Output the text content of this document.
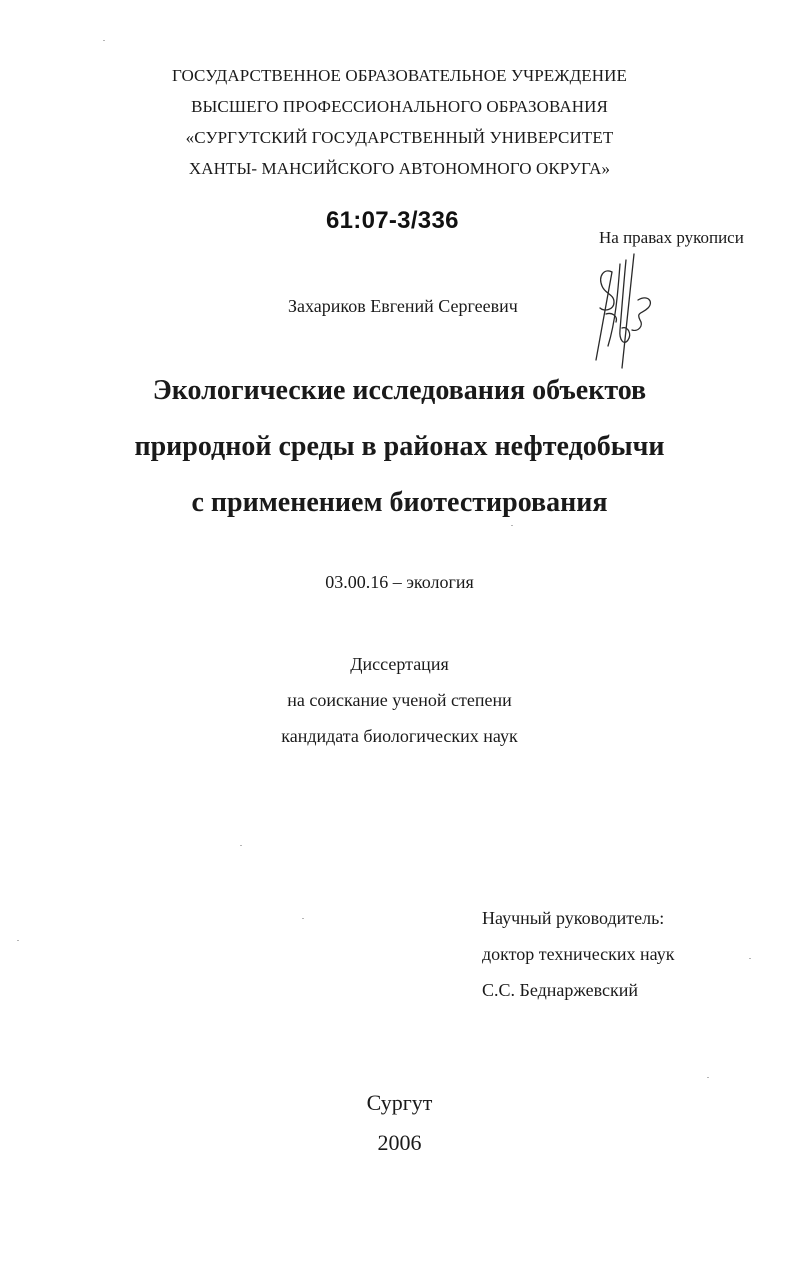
ГОСУДАРСТВЕННОЕ ОБРАЗОВАТЕЛЬНОЕ УЧРЕЖДЕНИЕ
ВЫСШЕГО ПРОФЕССИОНАЛЬНОГО ОБРАЗОВАНИЯ
«СУРГУТСКИЙ ГОСУДАРСТВЕННЫЙ УНИВЕРСИТЕТ
ХАНТЫ- МАНСИЙСКОГО АВТОНОМНОГО ОКРУГА»
61:07-3/336
На правах рукописи
Захариков Евгений Сергеевич
Экологические исследования объектов
природной среды в районах нефтедобычи
с применением биотестирования
03.00.16 – экология
Диссертация
на соискание ученой степени
кандидата биологических наук
Научный руководитель:
доктор технических наук
С.С. Беднаржевский
Сургут
2006
